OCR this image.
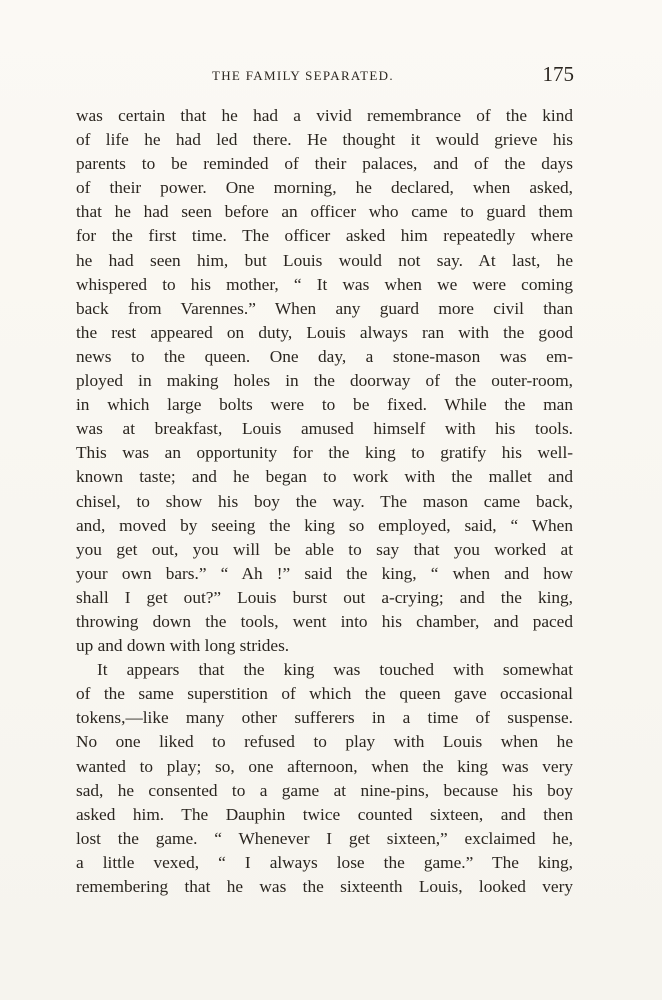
THE FAMILY SEPARATED.	175
was certain that he had a vivid remembrance of the kind
of life he had led there. He thought it would grieve his
parents to be reminded of their palaces, and of the days
of their power. One morning, he declared, when asked,
that he had seen before an officer who came to guard them
for the first time. The officer asked him repeatedly where
he had seen him, but Louis would not say. At last, he
whispered to his mother, “ It was when we were coming
back from Varennes.” When any guard more civil than
the rest appeared on duty, Louis always ran with the good
news to the queen. One day, a stone-mason was em-
ployed in making holes in the doorway of the outer-room,
in which large bolts were to be fixed. While the man
was at breakfast, Louis amused himself with his tools.
This was an opportunity for the king to gratify his well-
known taste; and he began to work with the mallet and
chisel, to show his boy the way. The mason came back,
and, moved by seeing the king so employed, said, “ When
you get out, you will be able to say that you worked at
your own bars.” “ Ah !” said the king, “ when and how
shall I get out?” Louis burst out a-crying; and the king,
throwing down the tools, went into his chamber, and paced
up and down with long strides.
It appears that the king was touched with somewhat
of the same superstition of which the queen gave occasional
tokens,—like many other sufferers in a time of suspense.
No one liked to refused to play with Louis when he
wanted to play; so, one afternoon, when the king was very
sad, he consented to a game at nine-pins, because his boy
asked him. The Dauphin twice counted sixteen, and then
lost the game. “ Whenever I get sixteen,” exclaimed he,
a little vexed, “ I always lose the game.” The king,
remembering that he was the sixteenth Louis, looked very
